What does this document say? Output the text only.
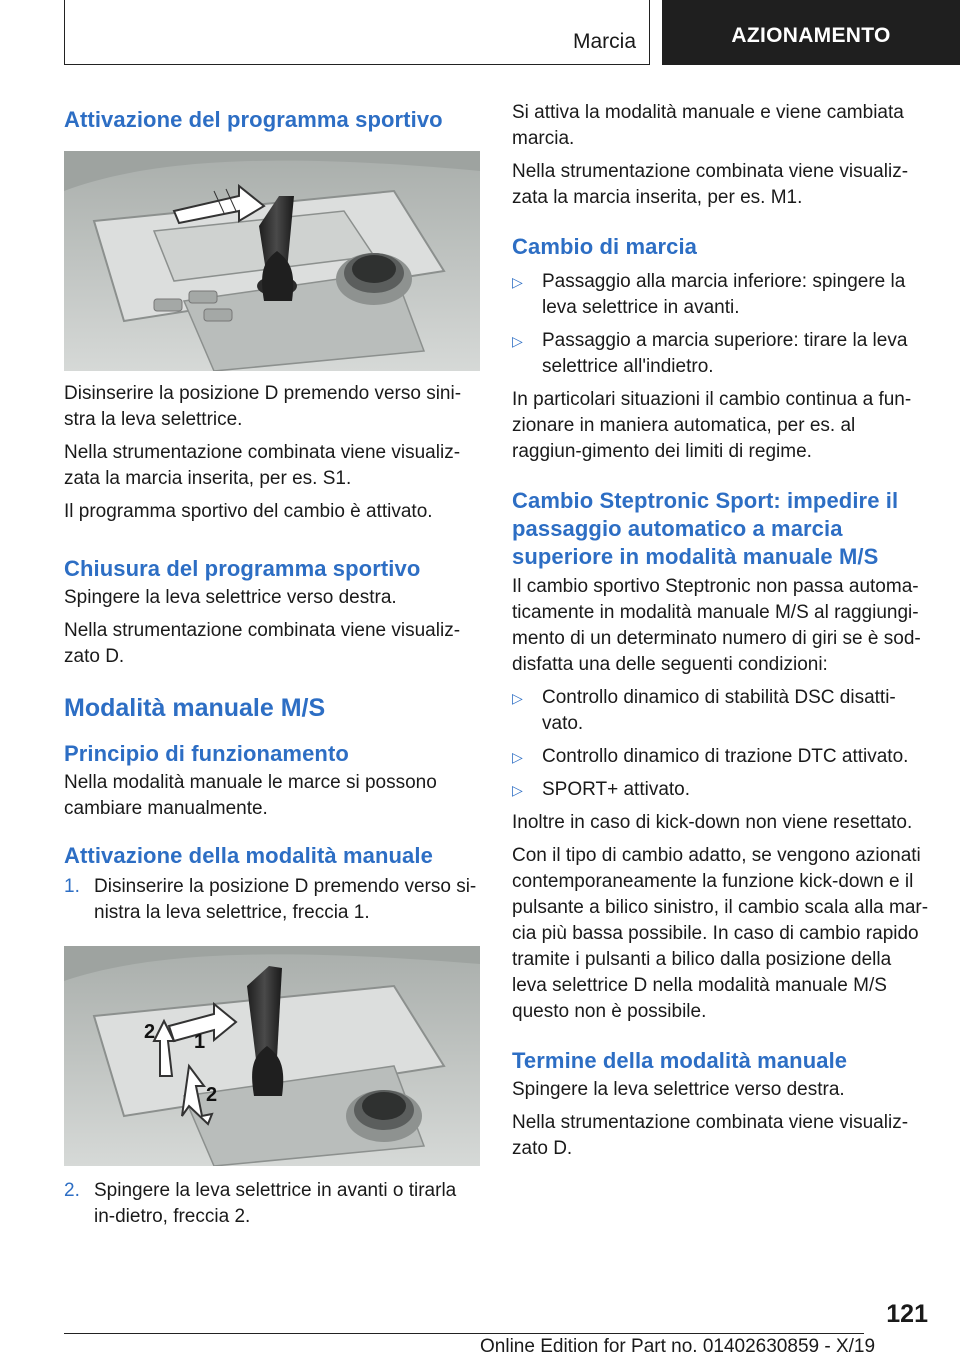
Marcia	AZIONAMENTO
Attivazione del programma sportivo
Disinserire la posizione D premendo verso sini-stra la leva selettrice.
Nella strumentazione combinata viene visualiz-zata la marcia inserita, per es. S1.
Il programma sportivo del cambio è attivato.
Chiusura del programma sportivo
Spingere la leva selettrice verso destra.
Nella strumentazione combinata viene visualiz-zato D.
Modalità manuale M/S
Principio di funzionamento
Nella modalità manuale le marce si possono cambiare manualmente.
Attivazione della modalità manuale
1. Disinserire la posizione D premendo verso si-nistra la leva selettrice, freccia 1.
1
2
2
2. Spingere la leva selettrice in avanti o tirarla in-dietro, freccia 2.
Si attiva la modalità manuale e viene cambiata marcia.
Nella strumentazione combinata viene visualiz-zata la marcia inserita, per es. M1.
Cambio di marcia
▷ Passaggio alla marcia inferiore: spingere la leva selettrice in avanti.
▷ Passaggio a marcia superiore: tirare la leva selettrice all'indietro.
In particolari situazioni il cambio continua a fun-zionare in maniera automatica, per es. al raggiun-gimento dei limiti di regime.
Cambio Steptronic Sport: impedire il passaggio automatico a marcia superiore in modalità manuale M/S
Il cambio sportivo Steptronic non passa automa-ticamente in modalità manuale M/S al raggiungi-mento di un determinato numero di giri se è sod-disfatta una delle seguenti condizioni:
▷ Controllo dinamico di stabilità DSC disatti-vato.
▷ Controllo dinamico di trazione DTC attivato.
▷ SPORT+ attivato.
Inoltre in caso di kick-down non viene resettato.
Con il tipo di cambio adatto, se vengono azionati contemporaneamente la funzione kick-down e il pulsante a bilico sinistro, il cambio scala alla mar-cia più bassa possibile. In caso di cambio rapido tramite i pulsanti a bilico dalla posizione della leva selettrice D nella modalità manuale M/S questo non è possibile.
Termine della modalità manuale
Spingere la leva selettrice verso destra.
Nella strumentazione combinata viene visualiz-zato D.
121
Online Edition for Part no. 01402630859 - X/19
